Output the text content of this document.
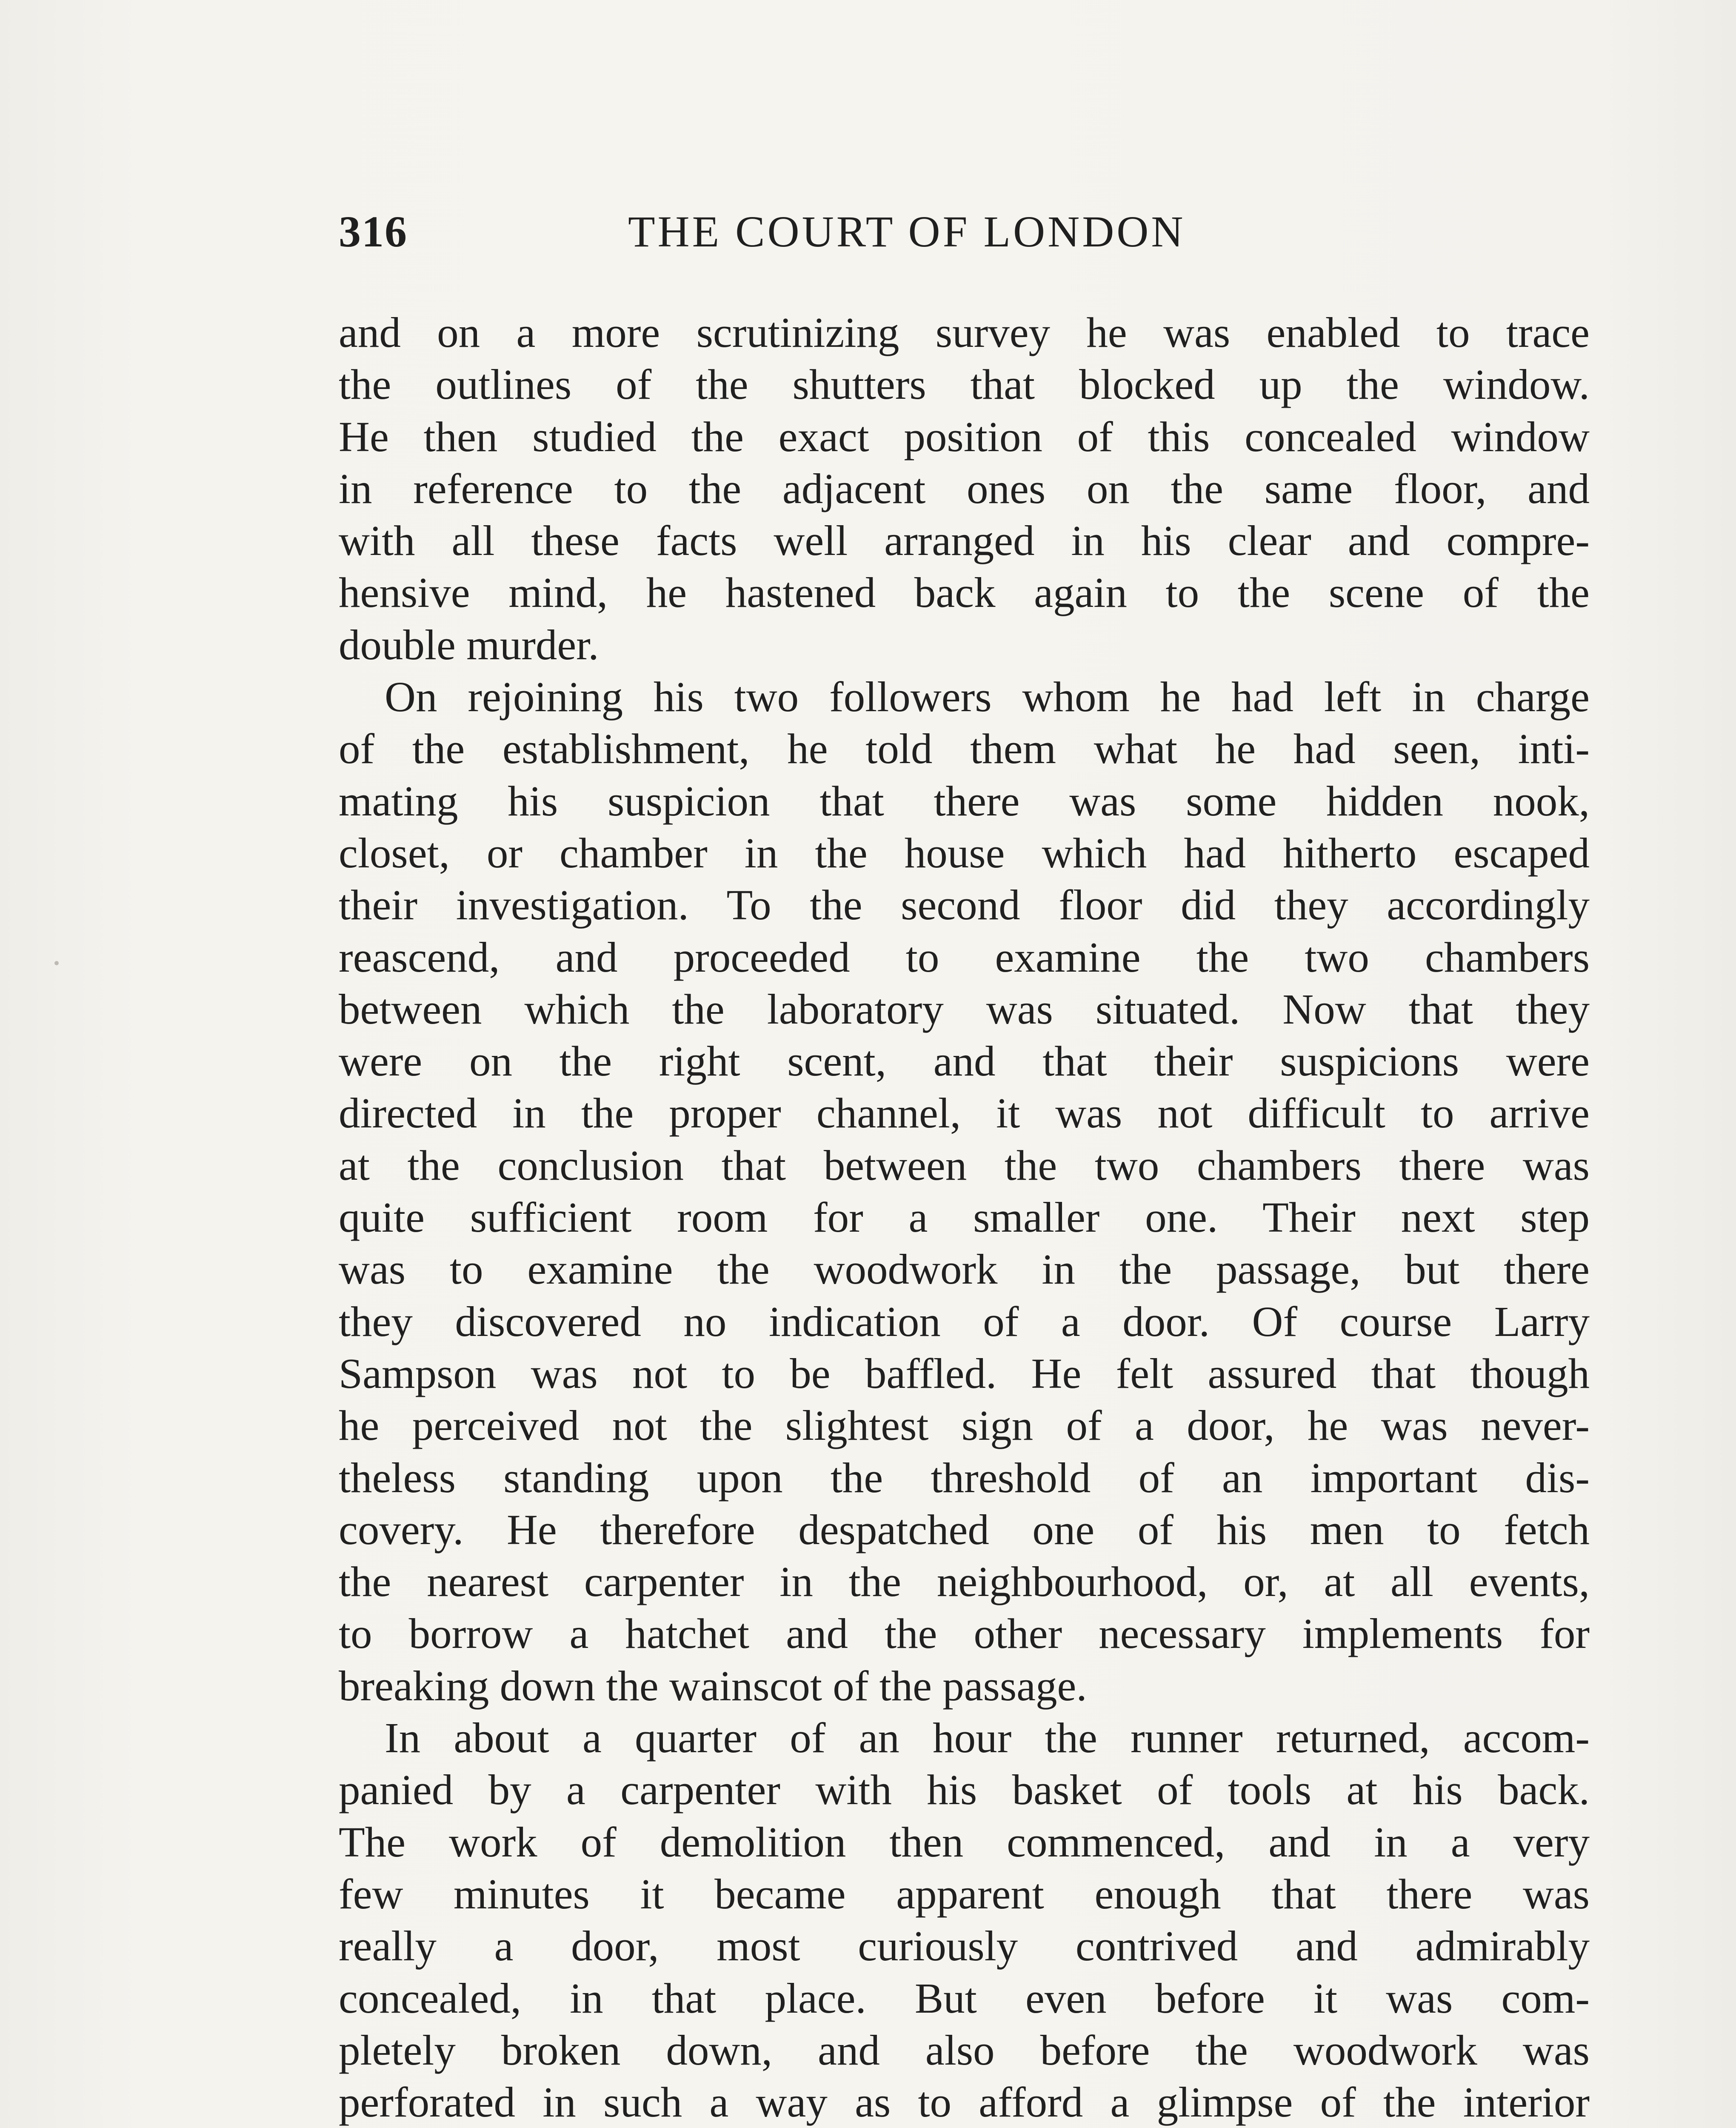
316	THE COURT OF LONDON

and on a more scrutinizing survey he was enabled to trace
the outlines of the shutters that blocked up the window.
He then studied the exact position of this concealed window
in reference to the adjacent ones on the same floor, and
with all these facts well arranged in his clear and compre-
hensive mind, he hastened back again to the scene of the
double murder.

On rejoining his two followers whom he had left in charge
of the establishment, he told them what he had seen, inti-
mating his suspicion that there was some hidden nook,
closet, or chamber in the house which had hitherto escaped
their investigation. To the second floor did they accordingly
reascend, and proceeded to examine the two chambers
between which the laboratory was situated. Now that they
were on the right scent, and that their suspicions were
directed in the proper channel, it was not difficult to arrive
at the conclusion that between the two chambers there was
quite sufficient room for a smaller one. Their next step
was to examine the woodwork in the passage, but there
they discovered no indication of a door. Of course Larry
Sampson was not to be baffled. He felt assured that though
he perceived not the slightest sign of a door, he was never-
theless standing upon the threshold of an important dis-
covery. He therefore despatched one of his men to fetch
the nearest carpenter in the neighbourhood, or, at all events,
to borrow a hatchet and the other necessary implements for
breaking down the wainscot of the passage.

In about a quarter of an hour the runner returned, accom-
panied by a carpenter with his basket of tools at his back.
The work of demolition then commenced, and in a very
few minutes it became apparent enough that there was
really a door, most curiously contrived and admirably
concealed, in that place. But even before it was com-
pletely broken down, and also before the woodwork was
perforated in such a way as to afford a glimpse of the interior
